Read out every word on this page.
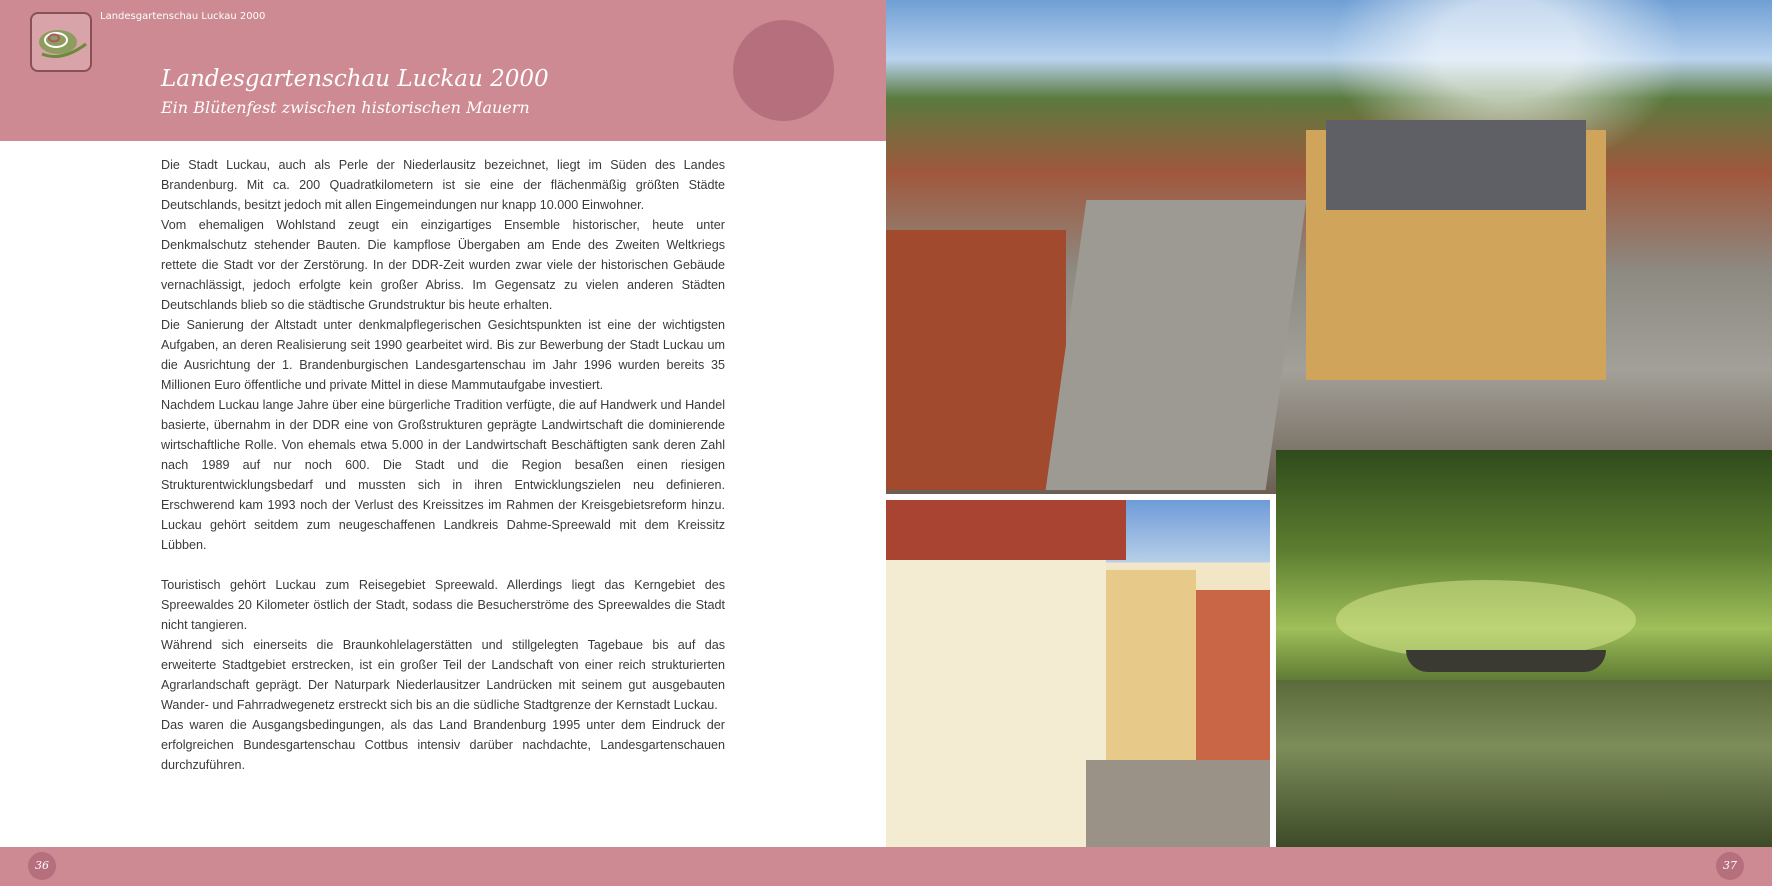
Landesgartenschau Luckau 2000
Landesgartenschau Luckau 2000
Ein Blütenfest zwischen historischen Mauern

Die Stadt Luckau, auch als Perle der Niederlausitz bezeichnet, liegt im Süden des Landes Brandenburg. Mit ca. 200 Quadratkilometern ist sie eine der flächenmäßig größten Städte Deutschlands, besitzt jedoch mit allen Eingemeindungen nur knapp 10.000 Einwohner.

Vom ehemaligen Wohlstand zeugt ein einzigartiges Ensemble historischer, heute unter Denkmalschutz stehender Bauten. Die kampflose Übergaben am Ende des Zweiten Weltkriegs rettete die Stadt vor der Zerstörung. In der DDR-Zeit wurden zwar viele der historischen Gebäude vernachlässigt, jedoch erfolgte kein großer Abriss. Im Gegensatz zu vielen anderen Städten Deutschlands blieb so die städtische Grundstruktur bis heute erhalten.

Die Sanierung der Altstadt unter denkmalpflegerischen Gesichtspunkten ist eine der wichtigsten Aufgaben, an deren Realisierung seit 1990 gearbeitet wird. Bis zur Bewerbung der Stadt Luckau um die Ausrichtung der 1. Brandenburgischen Landesgartenschau im Jahr 1996 wurden bereits 35 Millionen Euro öffentliche und private Mittel in diese Mammutaufgabe investiert.

Nachdem Luckau lange Jahre über eine bürgerliche Tradition verfügte, die auf Handwerk und Handel basierte, übernahm in der DDR eine von Großstrukturen geprägte Landwirtschaft die dominierende wirtschaftliche Rolle. Von ehemals etwa 5.000 in der Landwirtschaft Beschäftigten sank deren Zahl nach 1989 auf nur noch 600. Die Stadt und die Region besaßen einen riesigen Strukturentwicklungsbedarf und mussten sich in ihren Entwicklungszielen neu definieren. Erschwerend kam 1993 noch der Verlust des Kreissitzes im Rahmen der Kreisgebietsreform hinzu. Luckau gehört seitdem zum neugeschaffenen Landkreis Dahme-Spreewald mit dem Kreissitz Lübben.

Touristisch gehört Luckau zum Reisegebiet Spreewald. Allerdings liegt das Kerngebiet des Spreewaldes 20 Kilometer östlich der Stadt, sodass die Besucherströme des Spreewaldes die Stadt nicht tangieren.

Während sich einerseits die Braunkohlelagerstätten und stillgelegten Tagebaue bis auf das erweiterte Stadtgebiet erstrecken, ist ein großer Teil der Landschaft von einer reich strukturierten Agrarlandschaft geprägt. Der Naturpark Niederlausitzer Landrücken mit seinem gut ausgebauten Wander- und Fahrradwegenetz erstreckt sich bis an die südliche Stadtgrenze der Kernstadt Luckau.

Das waren die Ausgangsbedingungen, als das Land Brandenburg 1995 unter dem Eindruck der erfolgreichen Bundesgartenschau Cottbus intensiv darüber nachdachte, Landesgartenschauen durchzuführen.

36	37
